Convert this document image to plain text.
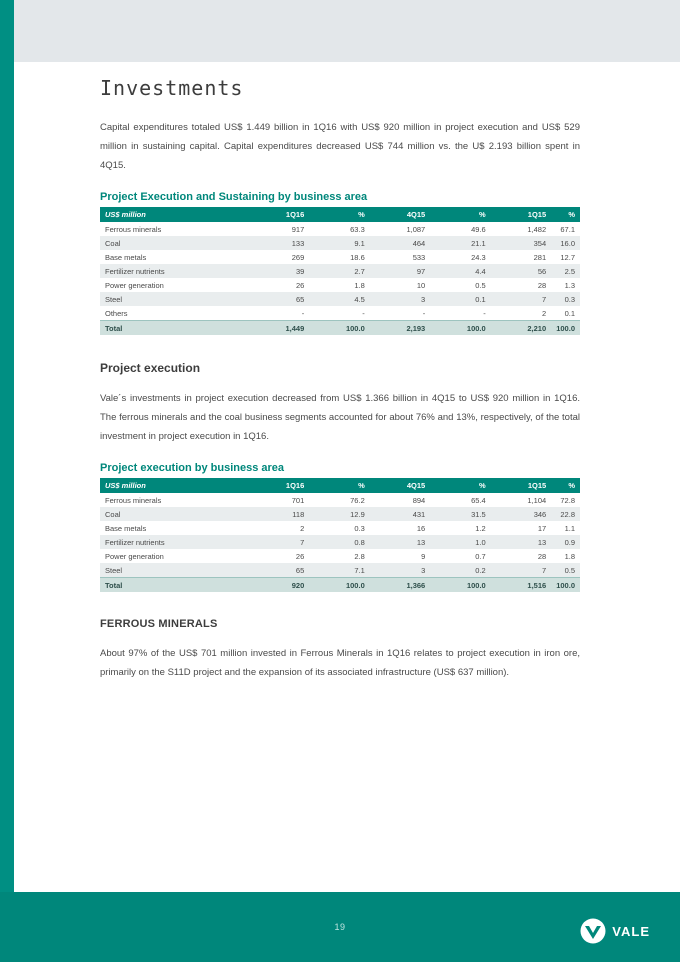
Investments

Capital expenditures totaled US$ 1.449 billion in 1Q16 with US$ 920 million in project execution and US$ 529 million in sustaining capital. Capital expenditures decreased US$ 744 million vs. the U$ 2.193 billion spent in 4Q15.

Project Execution and Sustaining by business area
US$ million	1Q16	%	4Q15	%	1Q15	%
Ferrous minerals	917	63.3	1,087	49.6	1,482	67.1
Coal	133	9.1	464	21.1	354	16.0
Base metals	269	18.6	533	24.3	281	12.7
Fertilizer nutrients	39	2.7	97	4.4	56	2.5
Power generation	26	1.8	10	0.5	28	1.3
Steel	65	4.5	3	0.1	7	0.3
Others	-	-	-	-	2	0.1
Total	1,449	100.0	2,193	100.0	2,210	100.0
Project execution

Vale´s investments in project execution decreased from US$ 1.366 billion in 4Q15 to US$ 920 million in 1Q16. The ferrous minerals and the coal business segments accounted for about 76% and 13%, respectively, of the total investment in project execution in 1Q16.

Project execution by business area
US$ million	1Q16	%	4Q15	%	1Q15	%
Ferrous minerals	701	76.2	894	65.4	1,104	72.8
Coal	118	12.9	431	31.5	346	22.8
Base metals	2	0.3	16	1.2	17	1.1
Fertilizer nutrients	7	0.8	13	1.0	13	0.9
Power generation	26	2.8	9	0.7	28	1.8
Steel	65	7.1	3	0.2	7	0.5
Total	920	100.0	1,366	100.0	1,516	100.0
FERROUS MINERALS

About 97% of the US$ 701 million invested in Ferrous Minerals in 1Q16 relates to project execution in iron ore, primarily on the S11D project and the expansion of its associated infrastructure (US$ 637 million).

19	VALE
